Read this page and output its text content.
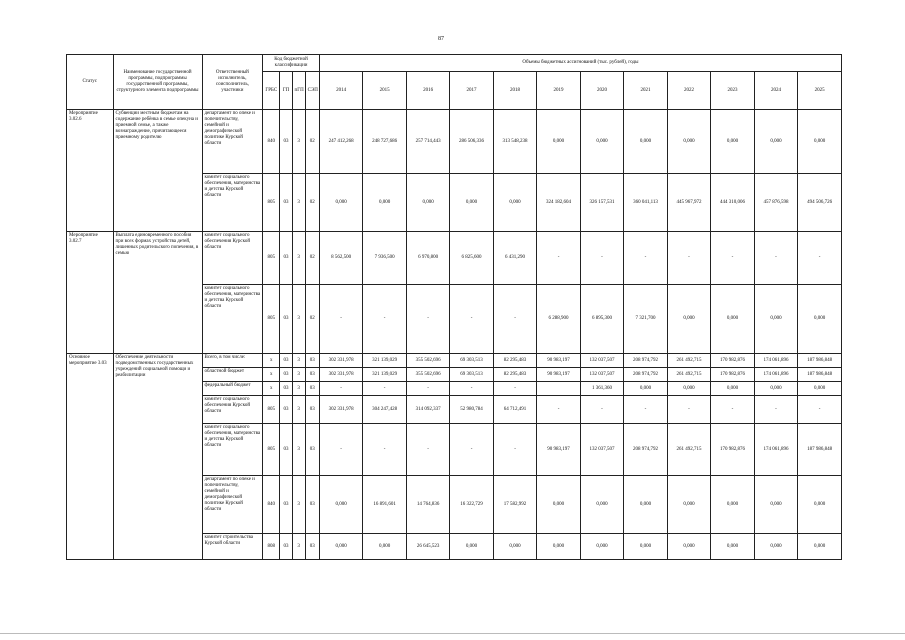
87
Статус	Наименование государственной программы, подпрограммы государственной программы, структурного элемента подпрограммы	Ответственный исполнитель, соисполнитель, участники	Код бюджетной классификации				Объемы бюджетных ассигнований (тыс. рублей), годы											
			ГРБС	ГП	пГП	СЭП	2014	2015	2016	2017	2018	2019	2020	2021	2022	2023	2024	2025
Мероприятие 3.02.6	Субвенции местным бюджетам на содержание ребёнка в семье опекуна и приемной семье, а также вознаграждение, причитающееся приемному родителю	департамент по опеке и попечительству, семейной и демографической политике Курской области	840	03	3	02	247 412,268	248 727,686	257 714,443	286 506,336	313 548,238	0,000	0,000	0,000	0,000	0,000	0,000	0,000
		комитет социального обеспечения, материнства и детства Курской области	805	03	3	02	0,000	0,000	0,000	0,000	0,000	324 182,604	326 157,531	360 041,113	445 967,972	444 310,006	457 876,598	494 506,726
Мероприятие 3.02.7	Выплата единовременного пособия при всех формах устройства детей, лишенных родительского попечения, в семью	комитет социального обеспечения Курской области	805	03	3	02	8 562,500	7 936,500	6 970,800	6 825,600	6 431,290	-	-	-	-	-	-	-
		комитет социального обеспечения, материнства и детства Курской области	805	03	3	02	-	-	-	-	-	6 288,900	6 895,300	7 321,700	0,000	0,000	0,000	0,000
Основное мероприятие 3.03	Обеспечение деятельности подведомственных государственных учреждений социальной помощи и реабилитации	Всего, в том числе:	x	03	3	03	302 331,978	321 139,029	355 502,696	69 303,513	82 295,483	90 983,197	132 037,507	208 974,792	261 492,715	170 982,876	174 061,896	187 986,848
		областной бюджет	x	03	3	03	302 331,978	321 139,029	355 502,696	69 303,513	82 295,483	90 983,197	132 037,507	208 974,792	261 492,715	170 982,876	174 061,896	187 986,848
		федеральный бюджет	x	03	3	03	-	-	-	-	-		1 361,360	0,000	0,000	0,000	0,000	0,000
		комитет социального обеспечения Курской области	805	03	3	03	302 331,978	304 247,428	314 092,337	52 980,784	64 712,491	-	-	-	-	-	-	-
		комитет социального обеспечения, материнства и детства Курской области	805	03	3	03	-	-	-	-	-	90 983,197	132 037,507	208 974,792	261 492,715	170 982,876	174 061,896	187 986,848
		департамент по опеке и попечительству, семейной и демографической политике Курской области	840	03	3	03	0,000	16 891,601	14 764,836	16 322,729	17 582,992	0,000	0,000	0,000	0,000	0,000	0,000	0,000
		комитет строительства Курской области	808	03	3	03	0,000	0,000	26 645,523	0,000	0,000	0,000	0,000	0,000	0,000	0,000	0,000	0,000
